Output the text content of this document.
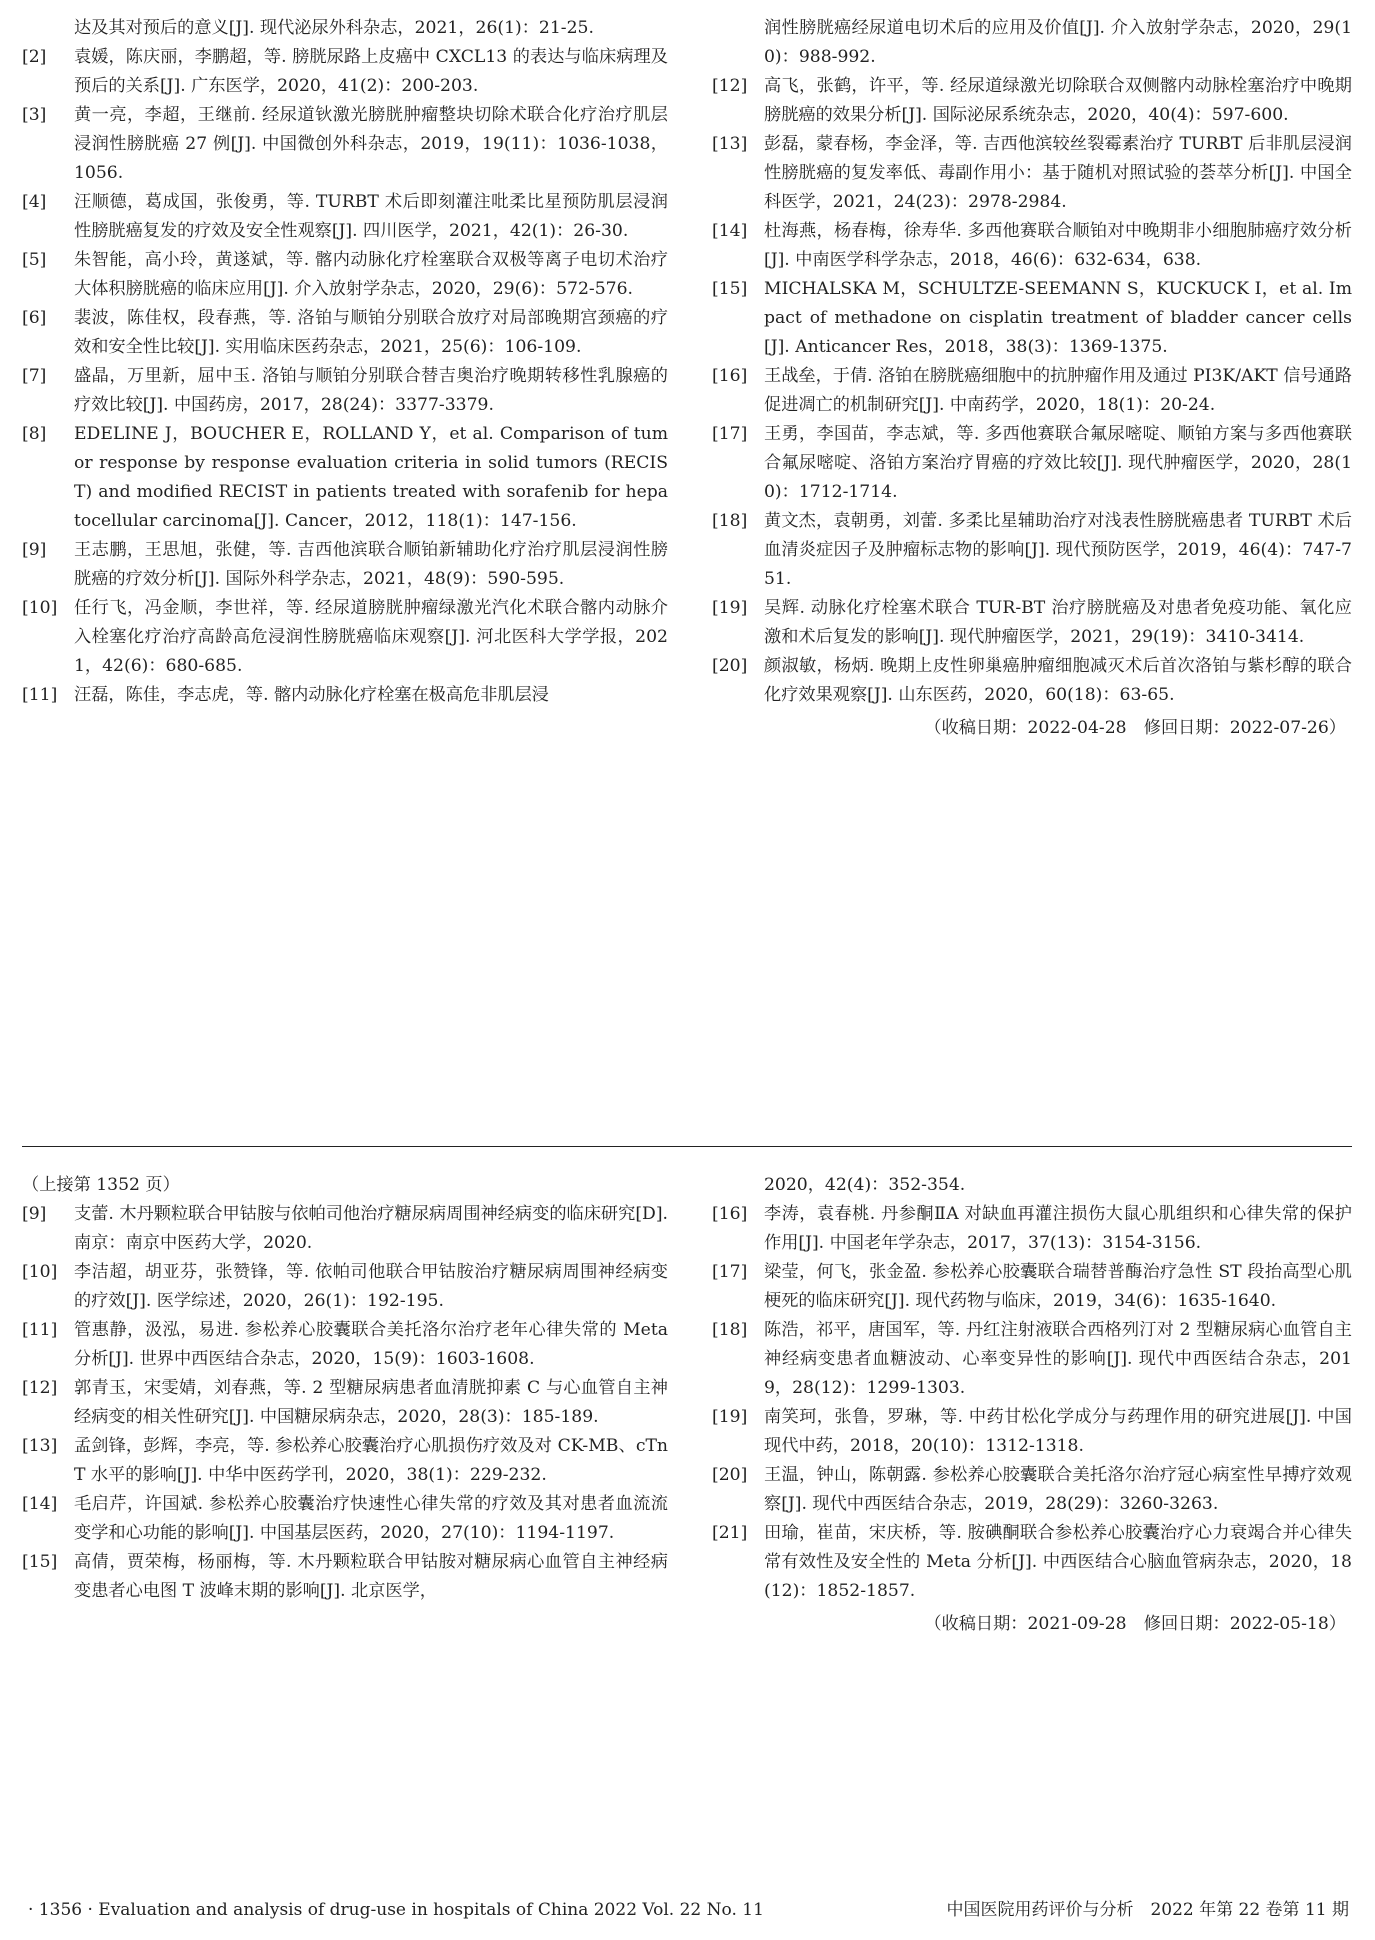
达及其对预后的意义[J]. 现代泌尿外科杂志，2021，26(1)：21-25.
[2]	袁媛，陈庆丽，李鹏超，等. 膀胱尿路上皮癌中 CXCL13 的表达与临床病理及预后的关系[J]. 广东医学，2020，41(2)：200-203.
[3]	黄一亮，李超，王继前. 经尿道钬激光膀胱肿瘤整块切除术联合化疗治疗肌层浸润性膀胱癌 27 例[J]. 中国微创外科杂志，2019，19(11)：1036-1038，1056.
[4]	汪顺德，葛成国，张俊勇，等. TURBT 术后即刻灌注吡柔比星预防肌层浸润性膀胱癌复发的疗效及安全性观察[J]. 四川医学，2021，42(1)：26-30.
[5]	朱智能，高小玲，黄遂斌，等. 髂内动脉化疗栓塞联合双极等离子电切术治疗大体积膀胱癌的临床应用[J]. 介入放射学杂志，2020，29(6)：572-576.
[6]	裴波，陈佳权，段春燕，等. 洛铂与顺铂分别联合放疗对局部晚期宫颈癌的疗效和安全性比较[J]. 实用临床医药杂志，2021，25(6)：106-109.
[7]	盛晶，万里新，屈中玉. 洛铂与顺铂分别联合替吉奥治疗晚期转移性乳腺癌的疗效比较[J]. 中国药房，2017，28(24)：3377-3379.
[8]	EDELINE J，BOUCHER E，ROLLAND Y，et al. Comparison of tumor response by response evaluation criteria in solid tumors (RECIST) and modified RECIST in patients treated with sorafenib for hepatocellular carcinoma[J]. Cancer，2012，118(1)：147-156.
[9]	王志鹏，王思旭，张健，等. 吉西他滨联合顺铂新辅助化疗治疗肌层浸润性膀胱癌的疗效分析[J]. 国际外科学杂志，2021，48(9)：590-595.
[10] 任行飞，冯金顺，李世祥，等. 经尿道膀胱肿瘤绿激光汽化术联合髂内动脉介入栓塞化疗治疗高龄高危浸润性膀胱癌临床观察[J]. 河北医科大学学报，2021，42(6)：680-685.
[11] 汪磊，陈佳，李志虎，等. 髂内动脉化疗栓塞在极高危非肌层浸
润性膀胱癌经尿道电切术后的应用及价值[J]. 介入放射学杂志，2020，29(10)：988-992.
[12] 高飞，张鹤，许平，等. 经尿道绿激光切除联合双侧髂内动脉栓塞治疗中晚期膀胱癌的效果分析[J]. 国际泌尿系统杂志，2020，40(4)：597-600.
[13] 彭磊，蒙春杨，李金泽，等. 吉西他滨较丝裂霉素治疗 TURBT 后非肌层浸润性膀胱癌的复发率低、毒副作用小：基于随机对照试验的荟萃分析[J]. 中国全科医学，2021，24(23)：2978-2984.
[14] 杜海燕，杨春梅，徐寿华. 多西他赛联合顺铂对中晚期非小细胞肺癌疗效分析[J]. 中南医学科学杂志，2018，46(6)：632-634，638.
[15] MICHALSKA M，SCHULTZE-SEEMANN S，KUCKUCK I，et al. Impact of methadone on cisplatin treatment of bladder cancer cells[J]. Anticancer Res，2018，38(3)：1369-1375.
[16] 王战垒，于倩. 洛铂在膀胱癌细胞中的抗肿瘤作用及通过 PI3K/AKT 信号通路促进凋亡的机制研究[J]. 中南药学，2020，18(1)：20-24.
[17] 王勇，李国苗，李志斌，等. 多西他赛联合氟尿嘧啶、顺铂方案与多西他赛联合氟尿嘧啶、洛铂方案治疗胃癌的疗效比较[J]. 现代肿瘤医学，2020，28(10)：1712-1714.
[18] 黄文杰，袁朝勇，刘蕾. 多柔比星辅助治疗对浅表性膀胱癌患者 TURBT 术后血清炎症因子及肿瘤标志物的影响[J]. 现代预防医学，2019，46(4)：747-751.
[19] 吴辉. 动脉化疗栓塞术联合 TUR-BT 治疗膀胱癌及对患者免疫功能、氧化应激和术后复发的影响[J]. 现代肿瘤医学，2021，29(19)：3410-3414.
[20] 颜淑敏，杨炳. 晚期上皮性卵巢癌肿瘤细胞减灭术后首次洛铂与紫杉醇的联合化疗效果观察[J]. 山东医药，2020，60(18)：63-65.
（收稿日期：2022-04-28　修回日期：2022-07-26）
（上接第 1352 页）
[9]	支蕾. 木丹颗粒联合甲钴胺与依帕司他治疗糖尿病周围神经病变的临床研究[D]. 南京：南京中医药大学，2020.
[10] 李洁超，胡亚芬，张赞锋，等. 依帕司他联合甲钴胺治疗糖尿病周围神经病变的疗效[J]. 医学综述，2020，26(1)：192-195.
[11] 管惠静，汲泓，易进. 参松养心胶囊联合美托洛尔治疗老年心律失常的 Meta 分析[J]. 世界中西医结合杂志，2020，15(9)：1603-1608.
[12] 郭青玉，宋雯婧，刘春燕，等. 2 型糖尿病患者血清胱抑素 C 与心血管自主神经病变的相关性研究[J]. 中国糖尿病杂志，2020，28(3)：185-189.
[13] 孟剑锋，彭辉，李亮，等. 参松养心胶囊治疗心肌损伤疗效及对 CK-MB、cTnT 水平的影响[J]. 中华中医药学刊，2020，38(1)：229-232.
[14] 毛启芹，许国斌. 参松养心胶囊治疗快速性心律失常的疗效及其对患者血流流变学和心功能的影响[J]. 中国基层医药，2020，27(10)：1194-1197.
[15] 高倩，贾荣梅，杨丽梅，等. 木丹颗粒联合甲钴胺对糖尿病心血管自主神经病变患者心电图 T 波峰末期的影响[J]. 北京医学，
2020，42(4)：352-354.
[16] 李涛，袁春桃. 丹参酮ⅡA 对缺血再灌注损伤大鼠心肌组织和心律失常的保护作用[J]. 中国老年学杂志，2017，37(13)：3154-3156.
[17] 梁莹，何飞，张金盈. 参松养心胶囊联合瑞替普酶治疗急性 ST 段抬高型心肌梗死的临床研究[J]. 现代药物与临床，2019，34(6)：1635-1640.
[18] 陈浩，祁平，唐国军，等. 丹红注射液联合西格列汀对 2 型糖尿病心血管自主神经病变患者血糖波动、心率变异性的影响[J]. 现代中西医结合杂志，2019，28(12)：1299-1303.
[19] 南笑珂，张鲁，罗琳，等. 中药甘松化学成分与药理作用的研究进展[J]. 中国现代中药，2018，20(10)：1312-1318.
[20] 王温，钟山，陈朝露. 参松养心胶囊联合美托洛尔治疗冠心病室性早搏疗效观察[J]. 现代中西医结合杂志，2019，28(29)：3260-3263.
[21] 田瑜，崔苗，宋庆桥，等. 胺碘酮联合参松养心胶囊治疗心力衰竭合并心律失常有效性及安全性的 Meta 分析[J]. 中西医结合心脑血管病杂志，2020，18(12)：1852-1857.
（收稿日期：2021-09-28　修回日期：2022-05-18）
· 1356 · Evaluation and analysis of drug-use in hospitals of China 2022 Vol. 22 No. 11	中国医院用药评价与分析　2022 年第 22 卷第 11 期
